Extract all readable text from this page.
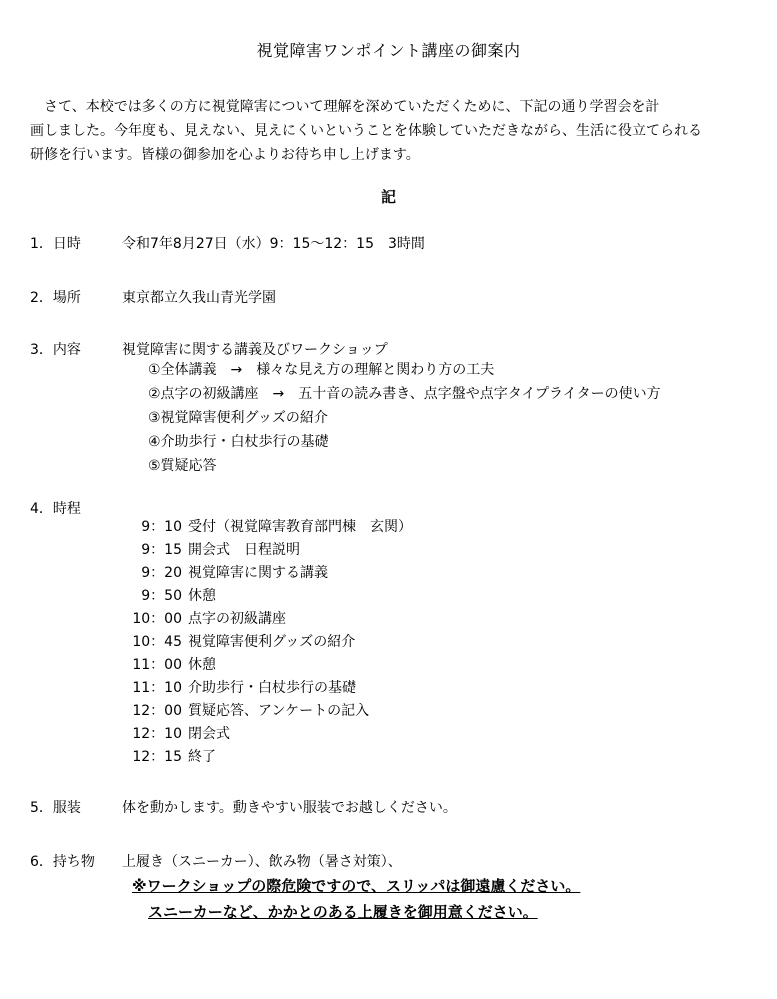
視覚障害ワンポイント講座の御案内
さて、本校では多くの方に視覚障害について理解を深めていただくために、下記の通り学習会を計
画しました。今年度も、見えない、見えにくいということを体験していただきながら、生活に役立てられる
研修を行います。皆様の御参加を心よりお待ち申し上げます。
記
1．日時	令和7年8月27日（水）9：15～12：15　3時間
2．場所	東京都立久我山青光学園
3．内容	視覚障害に関する講義及びワークショップ
①全体講義　→　様々な見え方の理解と関わり方の工夫
②点字の初級講座　→　五十音の読み書き、点字盤や点字タイプライターの使い方
③視覚障害便利グッズの紹介
④介助歩行・白杖歩行の基礎
⑤質疑応答
4．時程
9：10 受付（視覚障害教育部門棟　玄関）
9：15 開会式　日程説明
9：20 視覚障害に関する講義
9：50 休憩
10：00 点字の初級講座
10：45 視覚障害便利グッズの紹介
11：00 休憩
11：10 介助歩行・白杖歩行の基礎
12：00 質疑応答、アンケートの記入
12：10 閉会式
12：15 終了
5．服装	体を動かします。動きやすい服装でお越しください。
6．持ち物 上履き（スニーカー）、飲み物（暑さ対策）、
※ワークショップの際危険ですので、スリッパは御遠慮ください。
スニーカーなど、かかとのある上履きを御用意ください。
